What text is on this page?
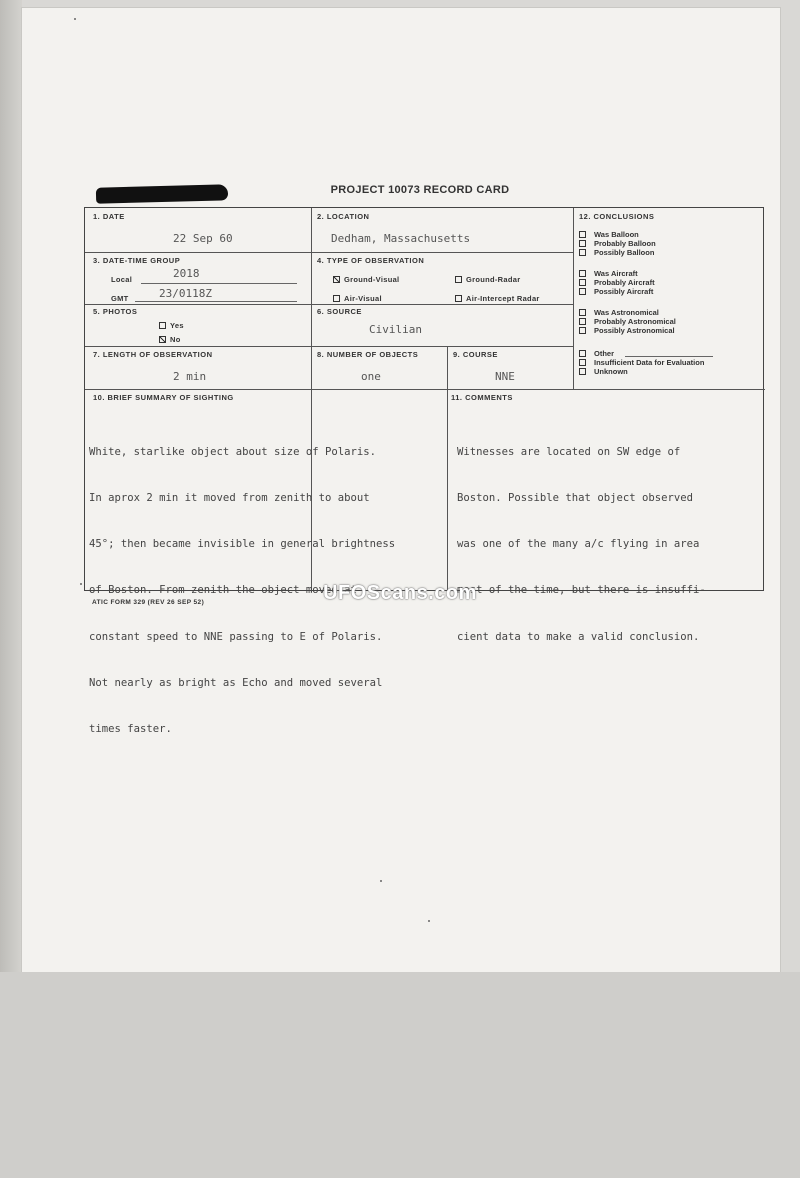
PROJECT 10073 RECORD CARD
1. DATE
22 Sep 60
2. LOCATION
Dedham, Massachusetts
3. DATE-TIME GROUP
Local	2018
GMT	23/0118Z
4. TYPE OF OBSERVATION
Ground-Visual	Ground-Radar
Air-Visual	Air-Intercept Radar
5. PHOTOS
Yes
No
6. SOURCE
Civilian
7. LENGTH OF OBSERVATION
2 min
8. NUMBER OF OBJECTS
one
9. COURSE
NNE
10. BRIEF SUMMARY OF SIGHTING

White, starlike object about size of Polaris.

In aprox 2 min it moved from zenith to about

45°; then became invisible in general brightness

of Boston. From zenith the object moved at

constant speed to NNE passing to E of Polaris.

Not nearly as bright as Echo and moved several

times faster.

11. COMMENTS

Witnesses are located on SW edge of

Boston. Possible that object observed

was one of the many a/c flying in area

most of the time, but there is insuffi-

cient data to make a valid conclusion.

12. CONCLUSIONS
Was Balloon
Probably Balloon
Possibly Balloon
Was Aircraft
Probably Aircraft
Possibly Aircraft
Was Astronomical
Probably Astronomical
Possibly Astronomical
Other
Insufficient Data for Evaluation
Unknown
ATIC FORM 329 (REV 26 SEP 52)	UFOScans.com
